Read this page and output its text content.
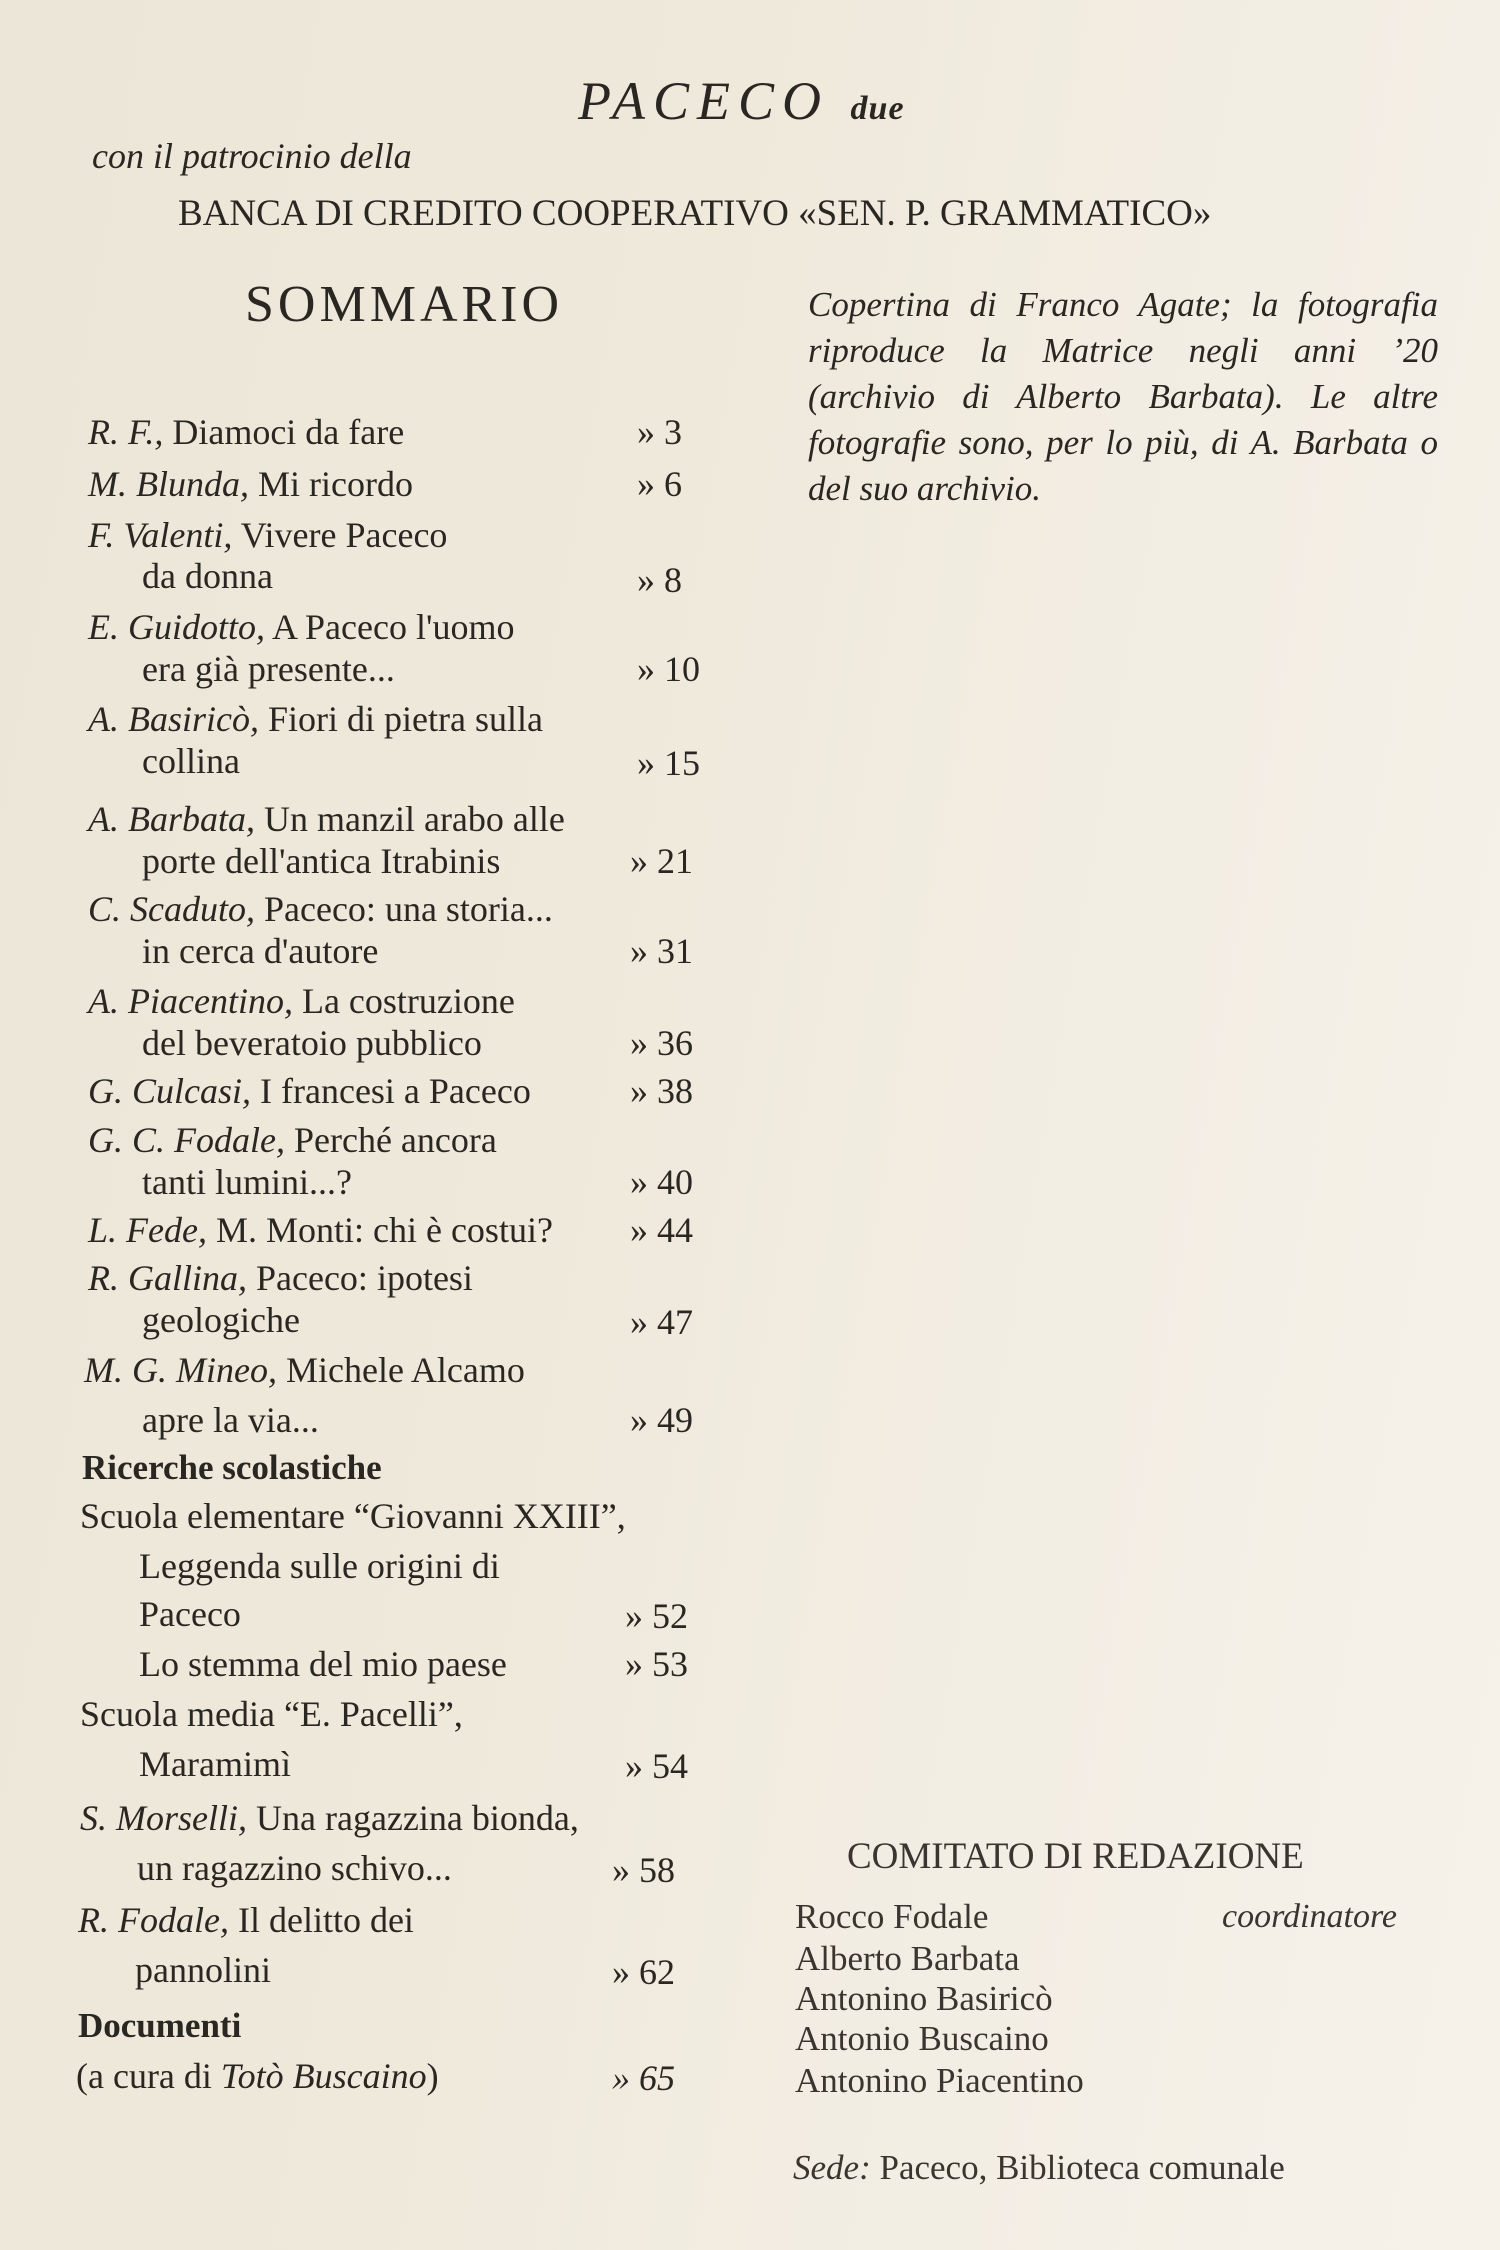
PACECO due
con il patrocinio della
BANCA DI CREDITO COOPERATIVO «SEN. P. GRAMMATICO»
SOMMARIO	Copertina di Franco Agate; la fotografia riproduce la Matrice negli anni ’20 (archivio di Alberto Barbata). Le altre fotografie sono, per lo più, di A. Barbata o del suo archivio.
R. F., Diamoci da fare	» 3
M. Blunda, Mi ricordo	» 6
F. Valenti, Vivere Paceco
da donna	» 8
E. Guidotto, A Paceco l'uomo
era già presente...	» 10
A. Basiricò, Fiori di pietra sulla
collina	» 15
A. Barbata, Un manzil arabo alle
porte dell'antica Itrabinis	» 21
C. Scaduto, Paceco: una storia...
in cerca d'autore	» 31
A. Piacentino, La costruzione
del beveratoio pubblico	» 36
G. Culcasi, I francesi a Paceco	» 38
G. C. Fodale, Perché ancora
tanti lumini...?	» 40
L. Fede, M. Monti: chi è costui? » 44
R. Gallina, Paceco: ipotesi
geologiche	» 47
M. G. Mineo, Michele Alcamo
apre la via...	» 49
Ricerche scolastiche
Scuola elementare “Giovanni XXIII”,
Leggenda sulle origini di
Paceco	» 52
Lo stemma del mio paese	» 53
Scuola media “E. Pacelli”,
Maramimì	» 54
S. Morselli, Una ragazzina bionda,
un ragazzino schivo...	» 58
R. Fodale, Il delitto dei
pannolini	» 62
Documenti
(a cura di Totò Buscaino)	» 65
COMITATO DI REDAZIONE
Rocco Fodale	coordinatore
Alberto Barbata
Antonino Basiricò
Antonio Buscaino
Antonino Piacentino
Sede: Paceco, Biblioteca comunale
